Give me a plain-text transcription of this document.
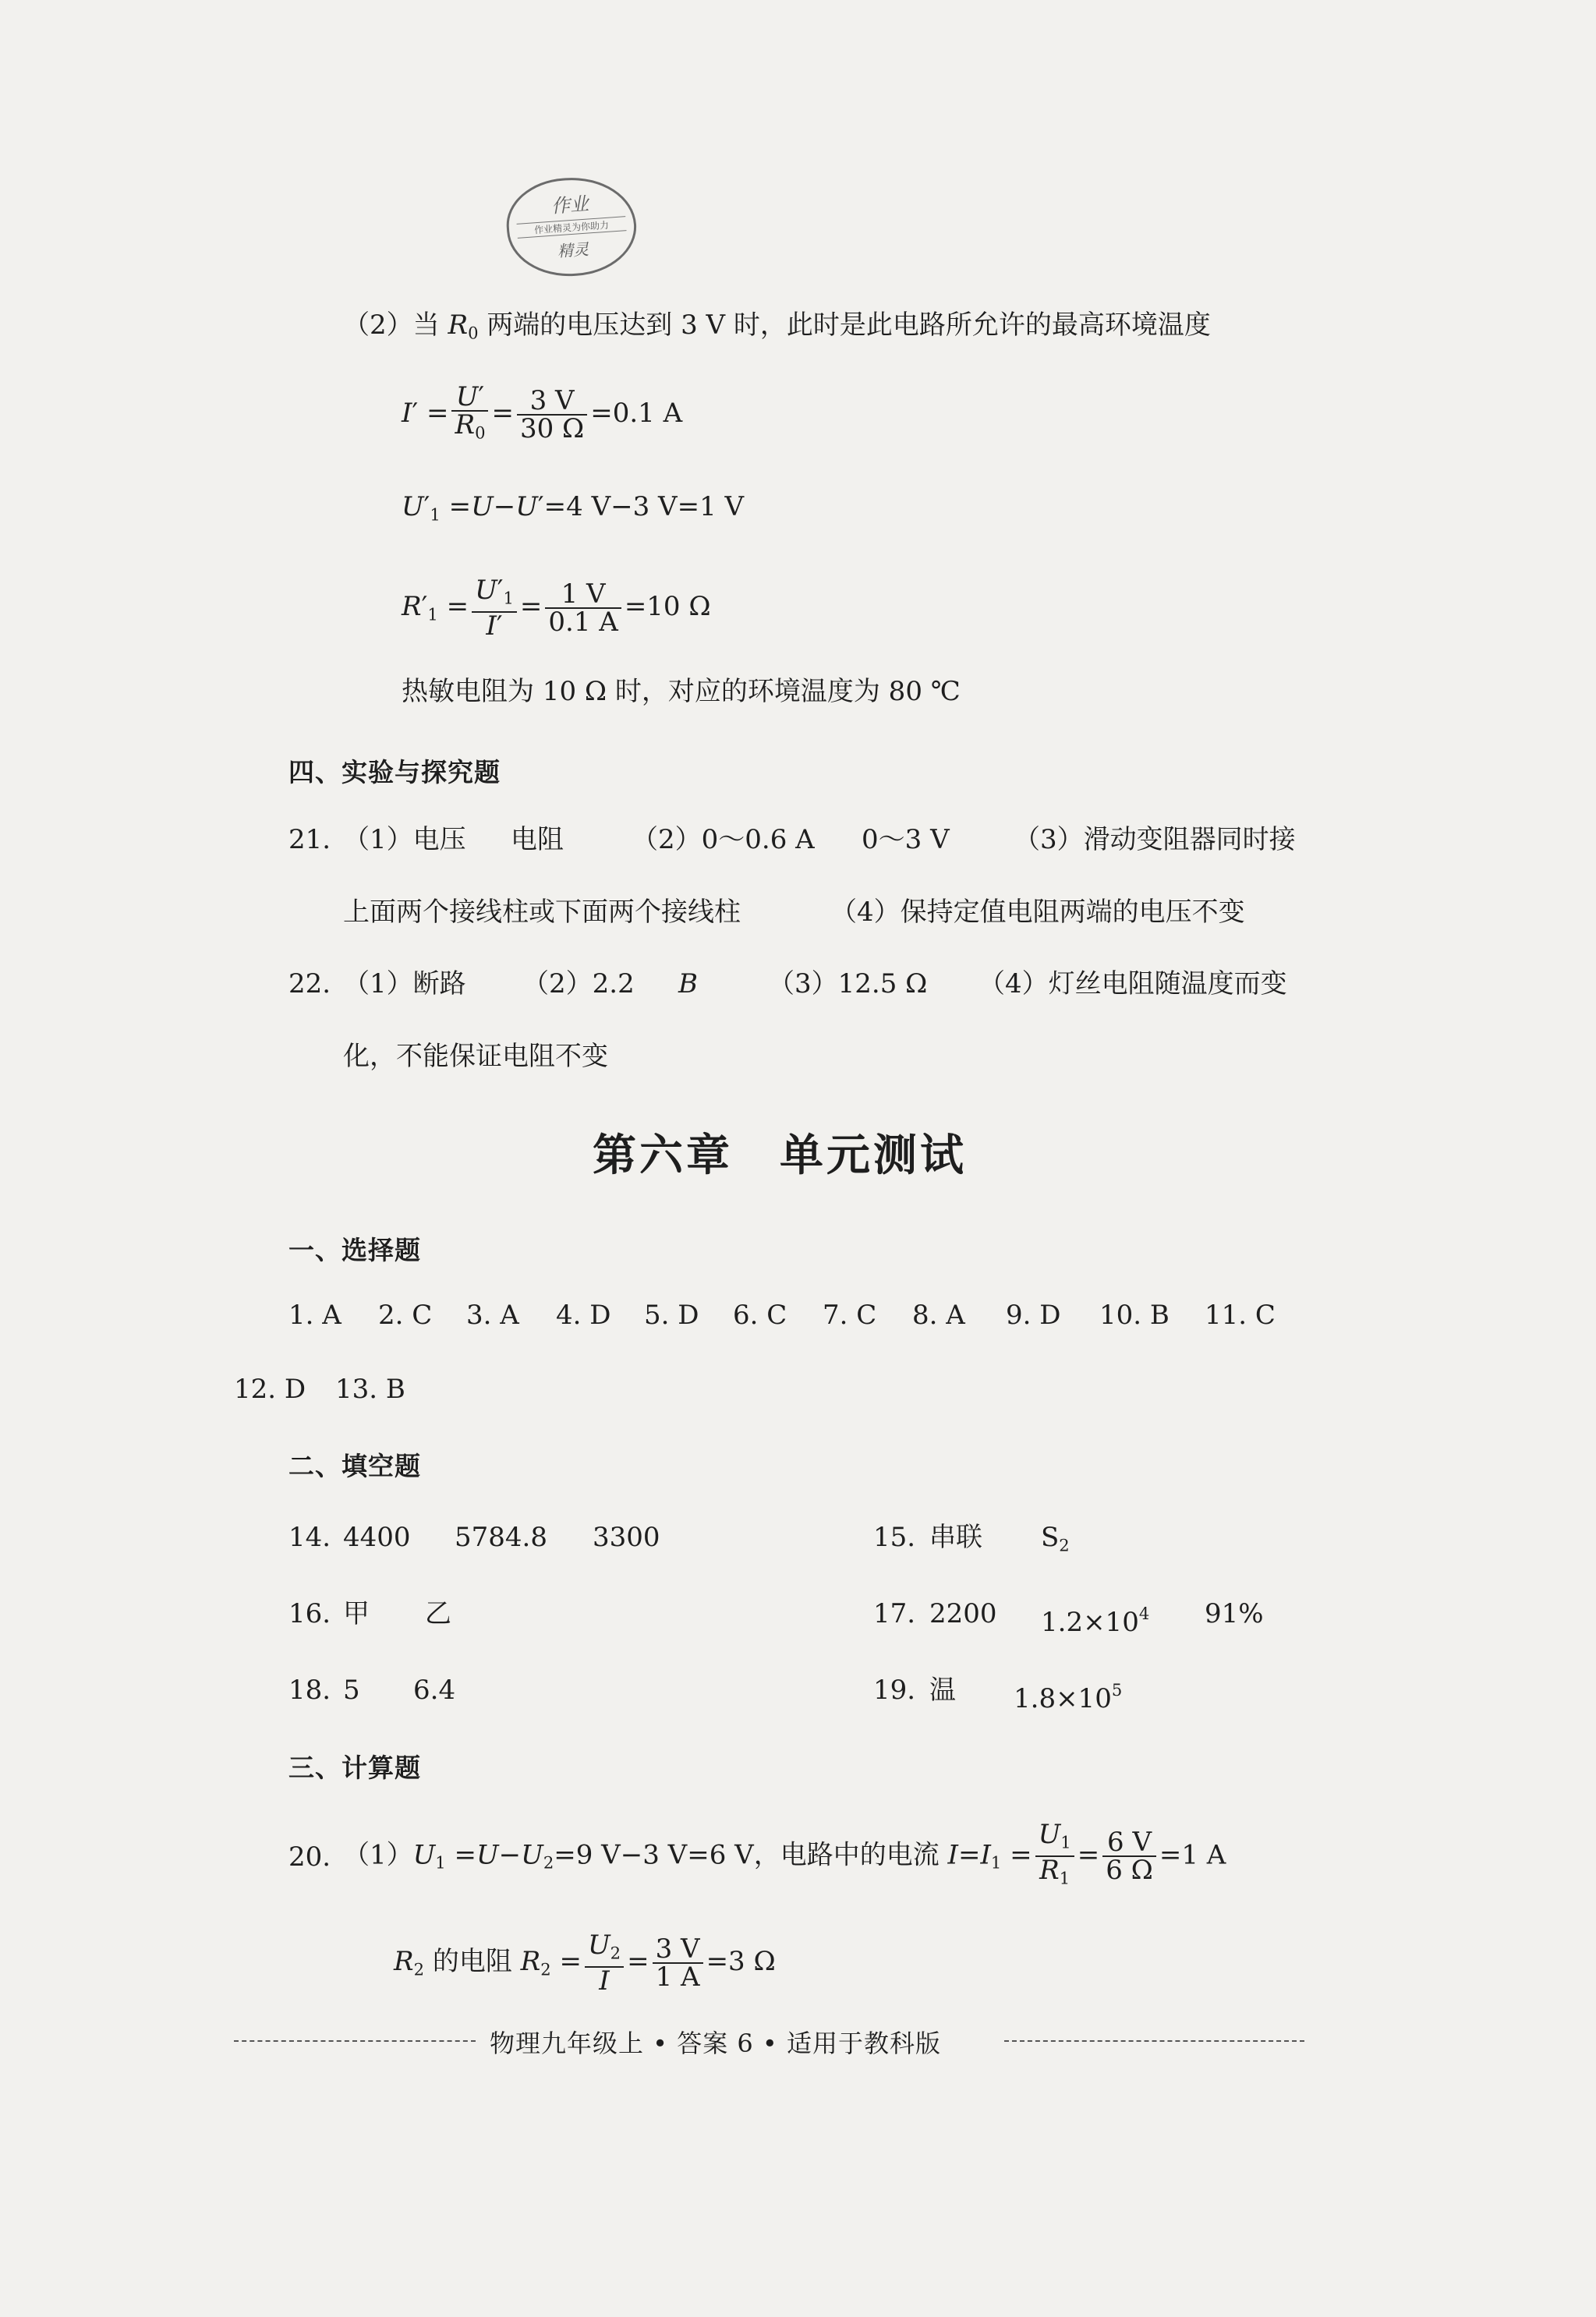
作业
作业精灵为你助力
精灵
（2）当 $R_0$ 两端的电压达到 3 V 时，此时是此电路所允许的最高环境温度
$I' = \frac{U'}{R_0} = \frac{3 V}{30 \Omega} =0.1$ A
$U'_1 =U-U'=4$ V−3 V=1 V
$R'_1 = \frac{U'_1}{I'} = \frac{1 V}{0.1 A} =10$ Ω
热敏电阻为 10 Ω 时，对应的环境温度为 80 ℃
四、实验与探究题
21. （1）电压 电阻	（2）0～0.6 A 0～3 V （3）滑动变阻器同时接
上面两个接线柱或下面两个接线柱	（4）保持定值电阻两端的电压不变
22. （1）断路 （2）2.2 B	（3）12.5 Ω （4）灯丝电阻随温度而变
化，不能保证电阻不变
第六章　单元测试
一、选择题
1. A 2. C 3. A 4. D 5. D 6. C 7. C 8. A 9. D 10. B 11. C
12. D 13. B
二、填空题
14. 4400 5784.8 3300	15. 串联 $S_2$
16. 甲 乙	17. 2200 $1.2\times 10^4$ 91%
18. 5 6.4	19. 温 $1.8\times 10^5$
三、计算题
20. $(1)U_1 =U-U_2=9$ V−3 V=6 V，电路中的电流 $I=I_1 = \frac{U_1}{R_1} = \frac{6 V}{6 \Omega} =1$ A
$R_2$ 的电阻 $R_2 = \frac{U_2}{I} = \frac{3 V}{1 A} =3$ Ω
物理九年级上 • 答案 6 • 适用于教科版
